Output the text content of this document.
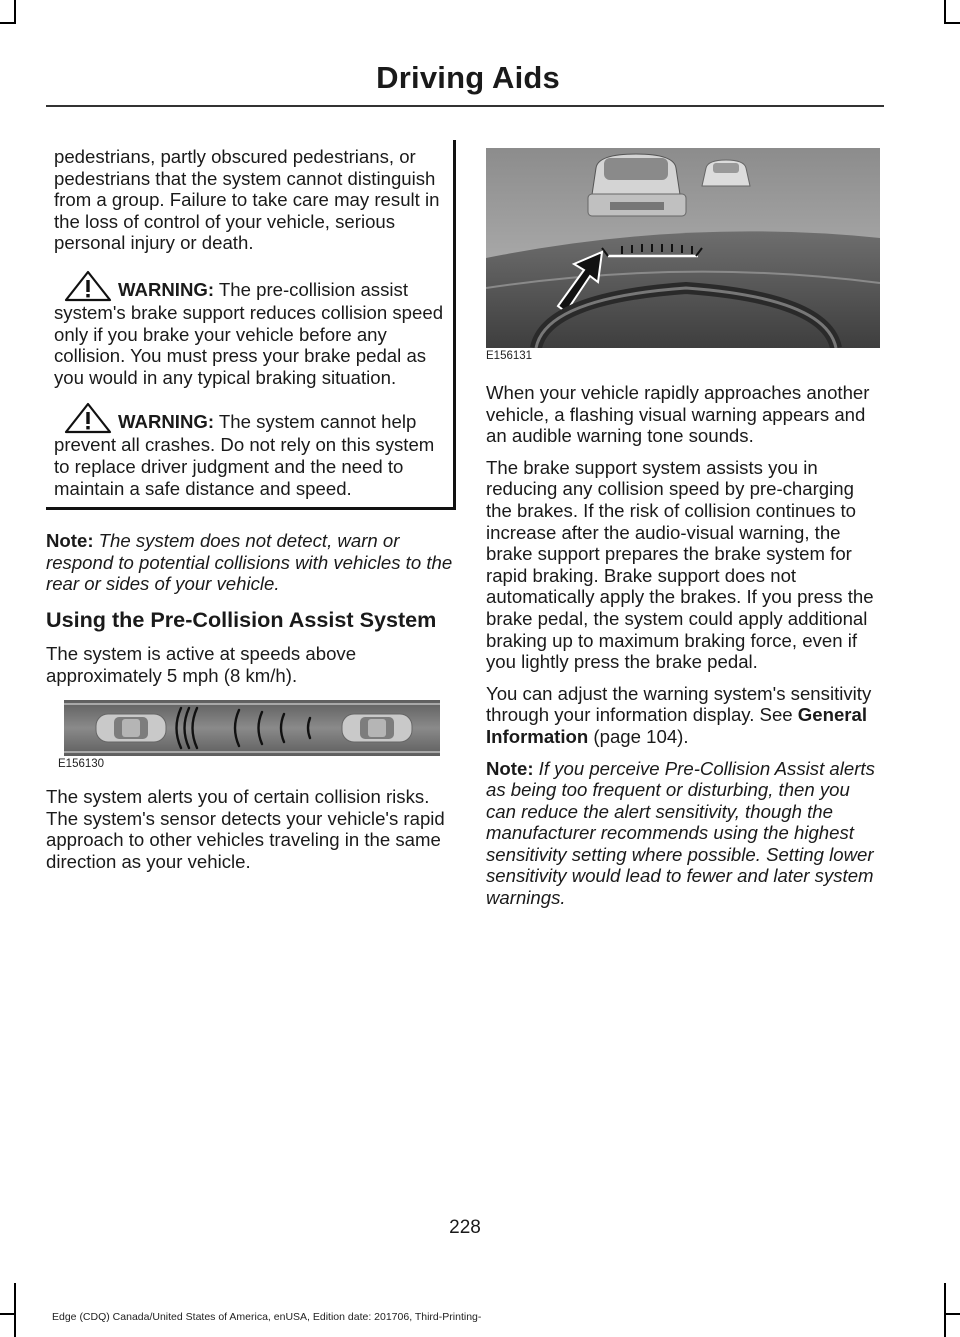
Driving Aids

pedestrians, partly obscured pedestrians, or pedestrians that the system cannot distinguish from a group. Failure to take care may result in the loss of control of your vehicle, serious personal injury or death.

WARNING: The pre-collision assist system's brake support reduces collision speed only if you brake your vehicle before any collision. You must press your brake pedal as you would in any typical braking situation.

WARNING: The system cannot help prevent all crashes. Do not rely on this system to replace driver judgment and the need to maintain a safe distance and speed.

Note: The system does not detect, warn or respond to potential collisions with vehicles to the rear or sides of your vehicle.

Using the Pre-Collision Assist System

The system is active at speeds above approximately 5 mph (8 km/h).

E156130

The system alerts you of certain collision risks. The system's sensor detects your vehicle's rapid approach to other vehicles traveling in the same direction as your vehicle.

E156131

When your vehicle rapidly approaches another vehicle, a flashing visual warning appears and an audible warning tone sounds.

The brake support system assists you in reducing any collision speed by pre-charging the brakes. If the risk of collision continues to increase after the audio-visual warning, the brake support prepares the brake system for rapid braking. Brake support does not automatically apply the brakes. If you press the brake pedal, the system could apply additional braking up to maximum braking force, even if you lightly press the brake pedal.

You can adjust the warning system's sensitivity through your information display. See General Information (page 104).

Note: If you perceive Pre-Collision Assist alerts as being too frequent or disturbing, then you can reduce the alert sensitivity, though the manufacturer recommends using the highest sensitivity setting where possible. Setting lower sensitivity would lead to fewer and later system warnings.

228
Edge (CDQ) Canada/United States of America, enUSA, Edition date: 201706, Third-Printing-
